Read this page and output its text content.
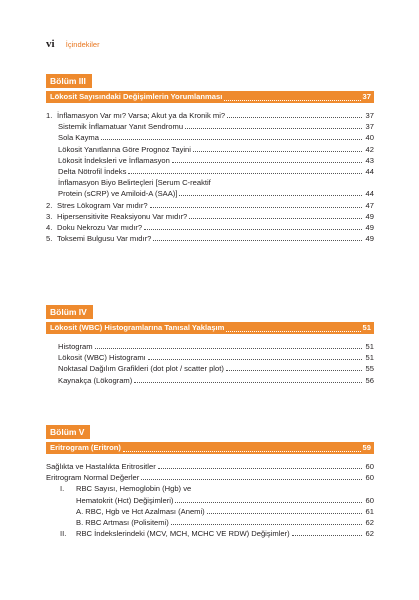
vi İçindekiler
Bölüm III
Lökosit Sayısındaki Değişimlerin Yorumlanması	37
1. İnflamasyon Var mı? Varsa; Akut ya da Kronik mi?	37
Sistemik İnflamatuar Yanıt Sendromu	37
Sola Kayma	40
Lökosit Yanıtlarına Göre Prognoz Tayini	42
Lökosit İndeksleri ve İnflamasyon	43
Delta Nötrofil İndeks	44
İnflamasyon Biyo Belirteçleri [Serum C-reaktif
Protein (sCRP) ve Amiloid-A (SAA)]	44
2. Stres Lökogram Var mıdır?	47
3. Hipersensitivite Reaksiyonu Var mıdır?	49
4. Doku Nekrozu Var mıdır?	49
5. Toksemi Bulgusu Var mıdır?	49
Bölüm IV
Lökosit (WBC) Histogramlarına Tanısal Yaklaşım	51
Histogram	51
Lökosit (WBC) Histogramı	51
Noktasal Dağılım Grafikleri (dot plot / scatter plot)	55
Kaynakça (Lökogram)	56
Bölüm V
Eritrogram (Eritron)	59
Sağlıkta ve Hastalıkta Eritrositler	60
Eritrogram Normal Değerler	60
I.	RBC Sayısı, Hemoglobin (Hgb) ve
Hematokrit (Hct) Değişimleri)	60
A. RBC, Hgb ve Hct Azalması (Anemi)	61
B. RBC Artması (Polisitemi)	62
II.	RBC İndekslerindeki (MCV, MCH, MCHC VE RDW) Değişimler)	62
